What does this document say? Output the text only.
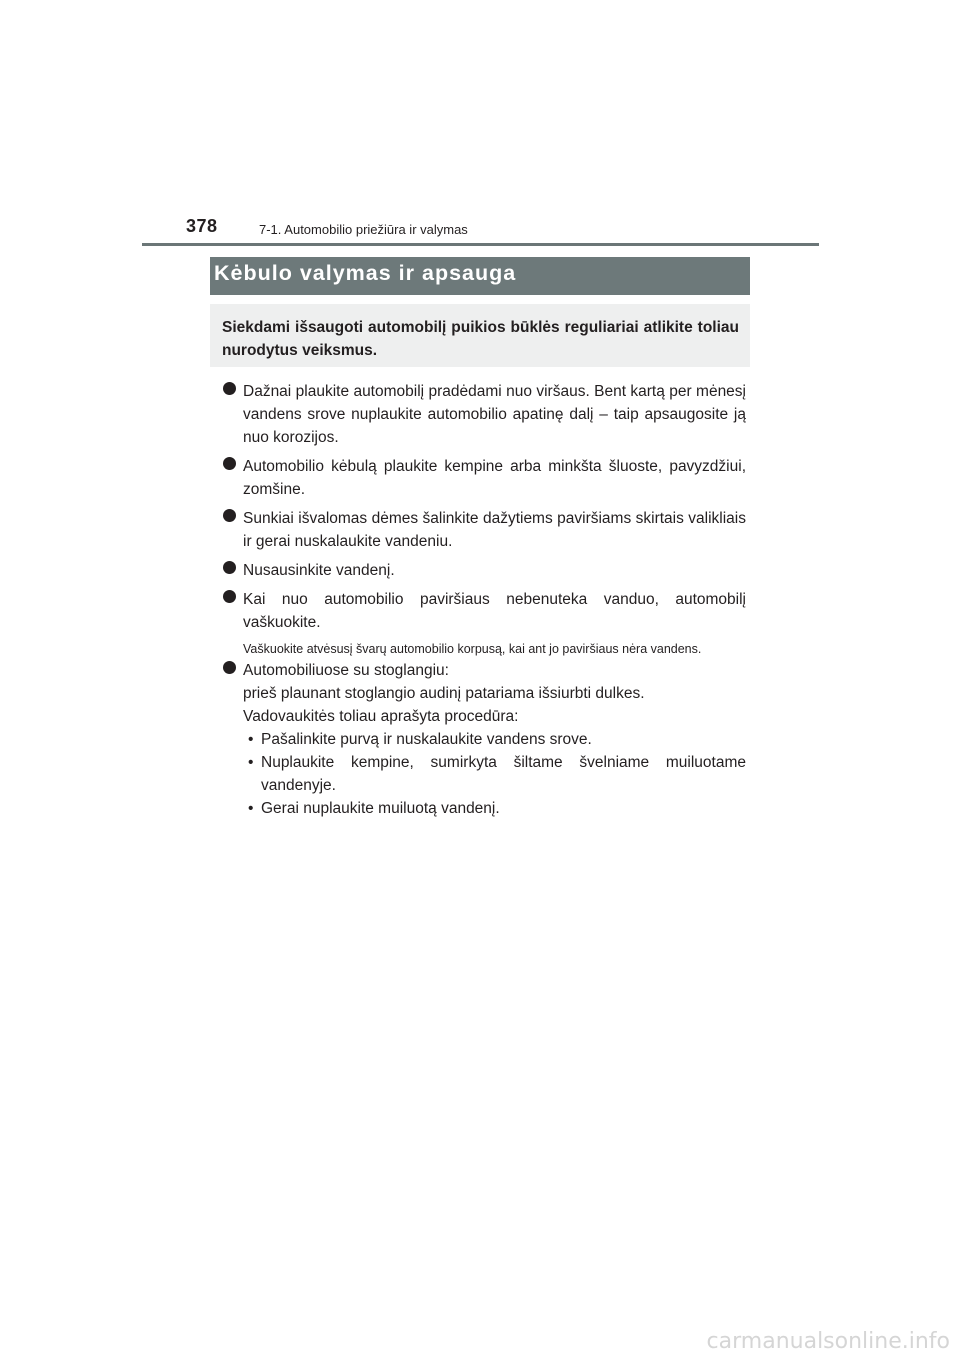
378	7-1. Automobilio priežiūra ir valymas
Kėbulo valymas ir apsauga

Siekdami išsaugoti automobilį puikios būklės reguliariai atlikite toliau nurodytus veiksmus.

Dažnai plaukite automobilį pradėdami nuo viršaus. Bent kartą per mėnesį vandens srove nuplaukite automobilio apatinę dalį – taip apsaugosite ją nuo korozijos.
Automobilio kėbulą plaukite kempine arba minkšta šluoste, pavyzdžiui, zomšine.
Sunkiai išvalomas dėmes šalinkite dažytiems paviršiams skirtais valikliais ir gerai nuskalaukite vandeniu.
Nusausinkite vandenį.
Kai nuo automobilio paviršiaus nebenuteka vanduo, automobilį vaškuokite.
Vaškuokite atvėsusį švarų automobilio korpusą, kai ant jo paviršiaus nėra vandens.
Automobiliuose su stoglangiu:
prieš plaunant stoglangio audinį patariama išsiurbti dulkes.
Vadovaukitės toliau aprašyta procedūra:
• Pašalinkite purvą ir nuskalaukite vandens srove.
• Nuplaukite kempine, sumirkyta šiltame švelniame muiluotame vandenyje.
• Gerai nuplaukite muiluotą vandenį.
carmanualsonline.info
